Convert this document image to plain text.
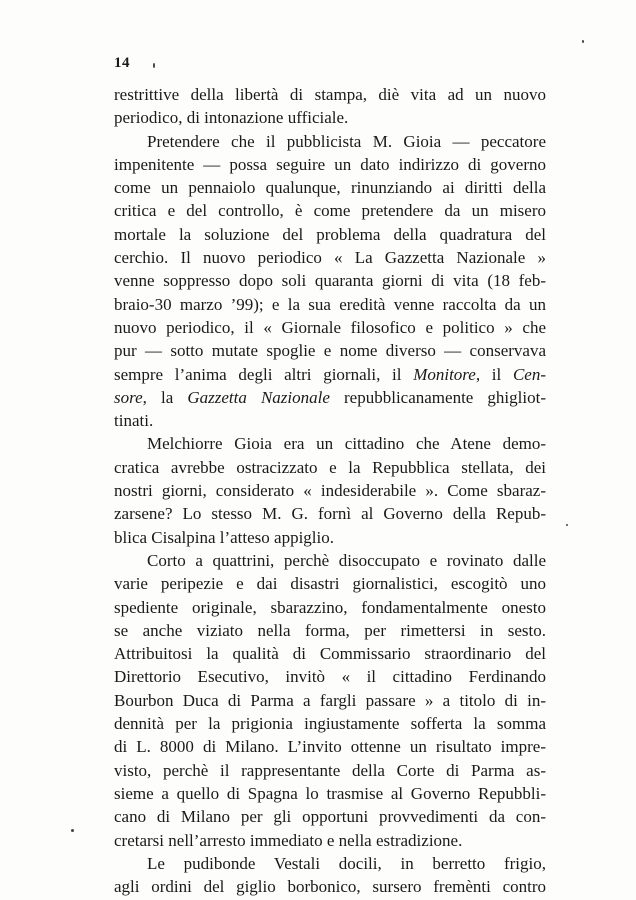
14
restrittive della libertà di stampa, diè vita ad un nuovo
periodico, di intonazione ufficiale.
Pretendere che il pubblicista M. Gioia — peccatore
impenitente — possa seguire un dato indirizzo di governo
come un pennaiolo qualunque, rinunziando ai diritti della
critica e del controllo, è come pretendere da un misero
mortale la soluzione del problema della quadratura del
cerchio. Il nuovo periodico « La Gazzetta Nazionale »
venne soppresso dopo soli quaranta giorni di vita (18 feb-
braio-30 marzo ’99); e la sua eredità venne raccolta da un
nuovo periodico, il « Giornale filosofico e politico » che
pur — sotto mutate spoglie e nome diverso — conservava
sempre l’anima degli altri giornali, il Monitore, il Cen-
sore, la Gazzetta Nazionale repubblicanamente ghigliot-
tinati.
Melchiorre Gioia era un cittadino che Atene demo-
cratica avrebbe ostracizzato e la Repubblica stellata, dei
nostri giorni, considerato « indesiderabile ». Come sbaraz-
zarsene? Lo stesso M. G. fornì al Governo della Repub-
blica Cisalpina l’atteso appiglio.
Corto a quattrini, perchè disoccupato e rovinato dalle
varie peripezie e dai disastri giornalistici, escogitò uno
spediente originale, sbarazzino, fondamentalmente onesto
se anche viziato nella forma, per rimettersi in sesto.
Attribuitosi la qualità di Commissario straordinario del
Direttorio Esecutivo, invitò « il cittadino Ferdinando
Bourbon Duca di Parma a fargli passare » a titolo di in-
dennità per la prigionia ingiustamente sofferta la somma
di L. 8000 di Milano. L’invito ottenne un risultato impre-
visto, perchè il rappresentante della Corte di Parma as-
sieme a quello di Spagna lo trasmise al Governo Repubbli-
cano di Milano per gli opportuni provvedimenti da con-
cretarsi nell’arresto immediato e nella estradizione.
Le pudibonde Vestali docili, in berretto frigio,
agli ordini del giglio borbonico, sursero fremènti contro
